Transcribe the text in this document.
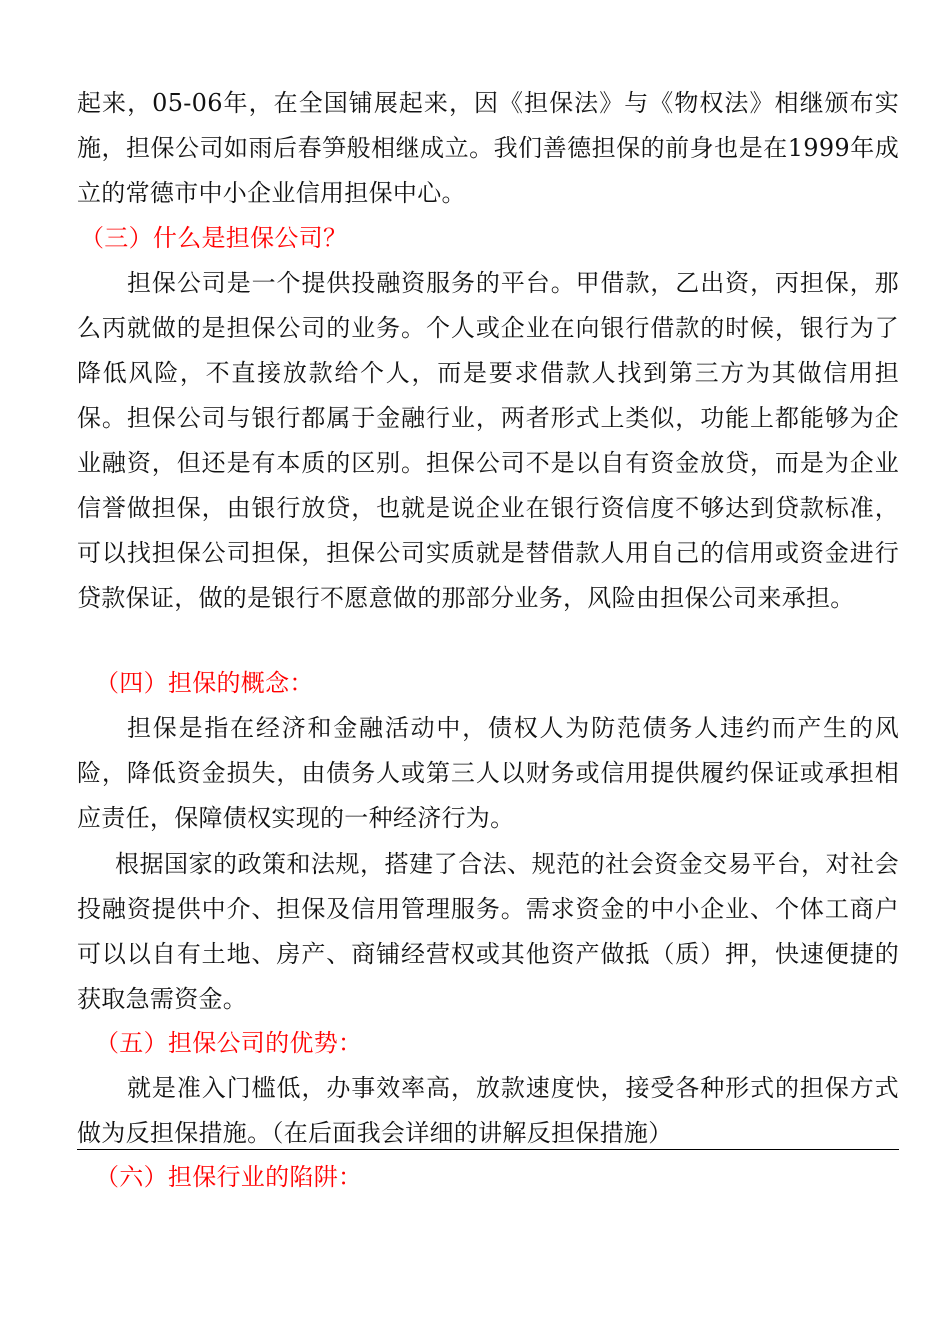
起来，05-06年，在全国铺展起来，因《担保法》与《物权法》相继颁布实施，担保公司如雨后春笋般相继成立。我们善德担保的前身也是在1999年成立的常德市中小企业信用担保中心。

（三）什么是担保公司？

担保公司是一个提供投融资服务的平台。甲借款，乙出资，丙担保，那么丙就做的是担保公司的业务。个人或企业在向银行借款的时候，银行为了降低风险，不直接放款给个人，而是要求借款人找到第三方为其做信用担保。担保公司与银行都属于金融行业，两者形式上类似，功能上都能够为企业融资，但还是有本质的区别。担保公司不是以自有资金放贷，而是为企业信誉做担保，由银行放贷，也就是说企业在银行资信度不够达到贷款标准，可以找担保公司担保，担保公司实质就是替借款人用自己的信用或资金进行贷款保证，做的是银行不愿意做的那部分业务，风险由担保公司来承担。

（四）担保的概念：

担保是指在经济和金融活动中，债权人为防范债务人违约而产生的风险，降低资金损失，由债务人或第三人以财务或信用提供履约保证或承担相应责任，保障债权实现的一种经济行为。

根据国家的政策和法规，搭建了合法、规范的社会资金交易平台，对社会投融资提供中介、担保及信用管理服务。需求资金的中小企业、个体工商户可以以自有土地、房产、商铺经营权或其他资产做抵（质）押，快速便捷的获取急需资金。

（五）担保公司的优势：

就是准入门槛低，办事效率高，放款速度快，接受各种形式的担保方式做为反担保措施。（在后面我会详细的讲解反担保措施）

（六）担保行业的陷阱：
